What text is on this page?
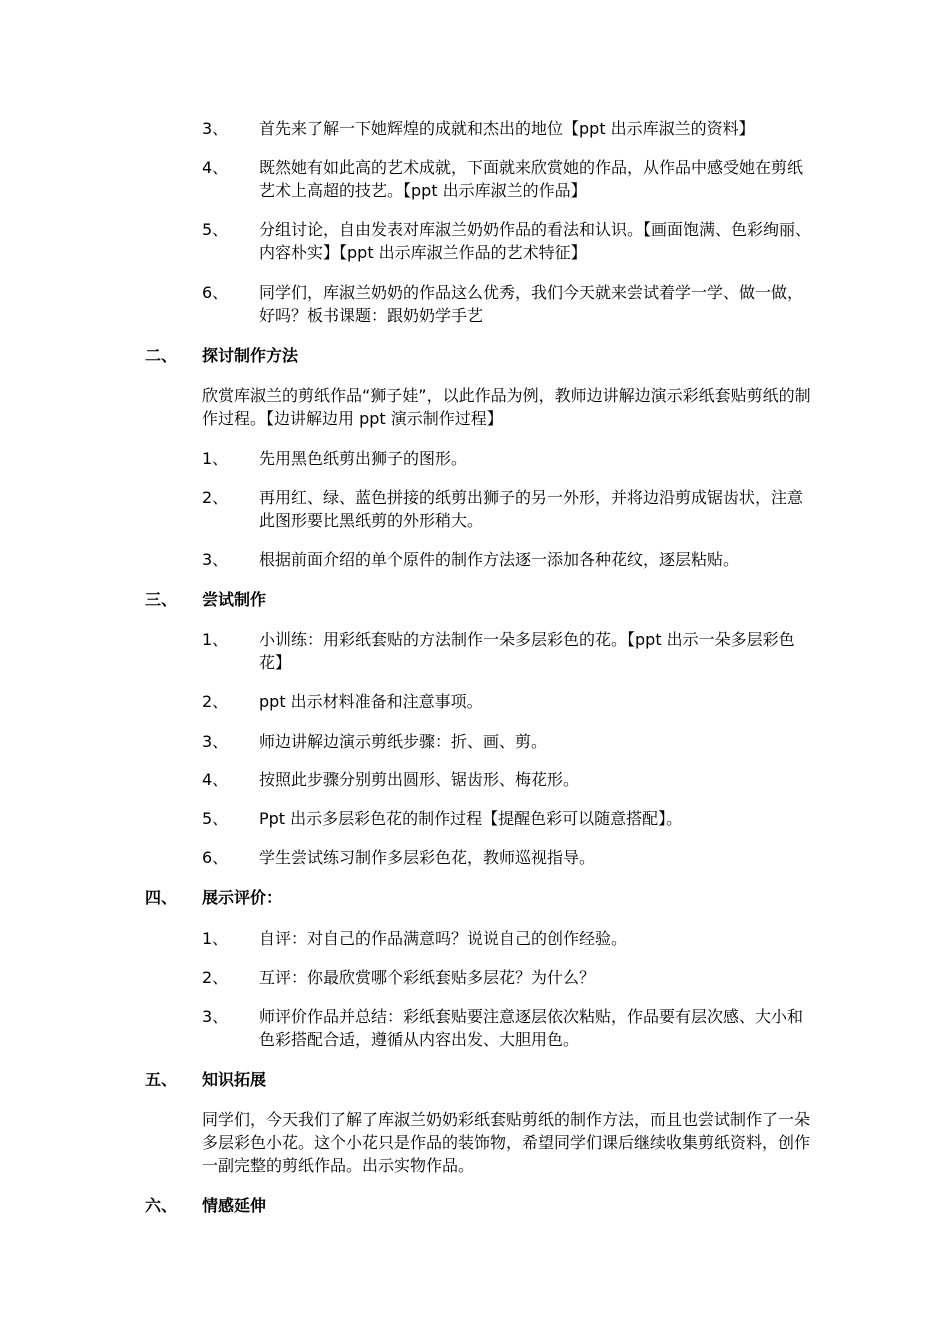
3、 首先来了解一下她辉煌的成就和杰出的地位【ppt 出示库淑兰的资料】
4、 既然她有如此高的艺术成就，下面就来欣赏她的作品，从作品中感受她在剪纸艺术上高超的技艺。【ppt 出示库淑兰的作品】
5、 分组讨论，自由发表对库淑兰奶奶作品的看法和认识。【画面饱满、色彩绚丽、内容朴实】【ppt 出示库淑兰作品的艺术特征】
6、 同学们，库淑兰奶奶的作品这么优秀，我们今天就来尝试着学一学、做一做，好吗？板书课题：跟奶奶学手艺
二、 探讨制作方法
欣赏库淑兰的剪纸作品“狮子娃”，以此作品为例，教师边讲解边演示彩纸套贴剪纸的制作过程。【边讲解边用 ppt 演示制作过程】
1、 先用黑色纸剪出狮子的图形。
2、 再用红、绿、蓝色拼接的纸剪出狮子的另一外形，并将边沿剪成锯齿状，注意此图形要比黑纸剪的外形稍大。
3、 根据前面介绍的单个原件的制作方法逐一添加各种花纹，逐层粘贴。
三、 尝试制作
1、 小训练：用彩纸套贴的方法制作一朵多层彩色的花。【ppt 出示一朵多层彩色花】
2、 ppt 出示材料准备和注意事项。
3、 师边讲解边演示剪纸步骤：折、画、剪。
4、 按照此步骤分别剪出圆形、锯齿形、梅花形。
5、 Ppt 出示多层彩色花的制作过程【提醒色彩可以随意搭配】。
6、 学生尝试练习制作多层彩色花，教师巡视指导。
四、 展示评价：
1、 自评：对自己的作品满意吗？说说自己的创作经验。
2、 互评：你最欣赏哪个彩纸套贴多层花？为什么？
3、 师评价作品并总结：彩纸套贴要注意逐层依次粘贴，作品要有层次感、大小和色彩搭配合适，遵循从内容出发、大胆用色。
五、 知识拓展
同学们，今天我们了解了库淑兰奶奶彩纸套贴剪纸的制作方法，而且也尝试制作了一朵多层彩色小花。这个小花只是作品的装饰物，希望同学们课后继续收集剪纸资料，创作一副完整的剪纸作品。出示实物作品。
六、 情感延伸
